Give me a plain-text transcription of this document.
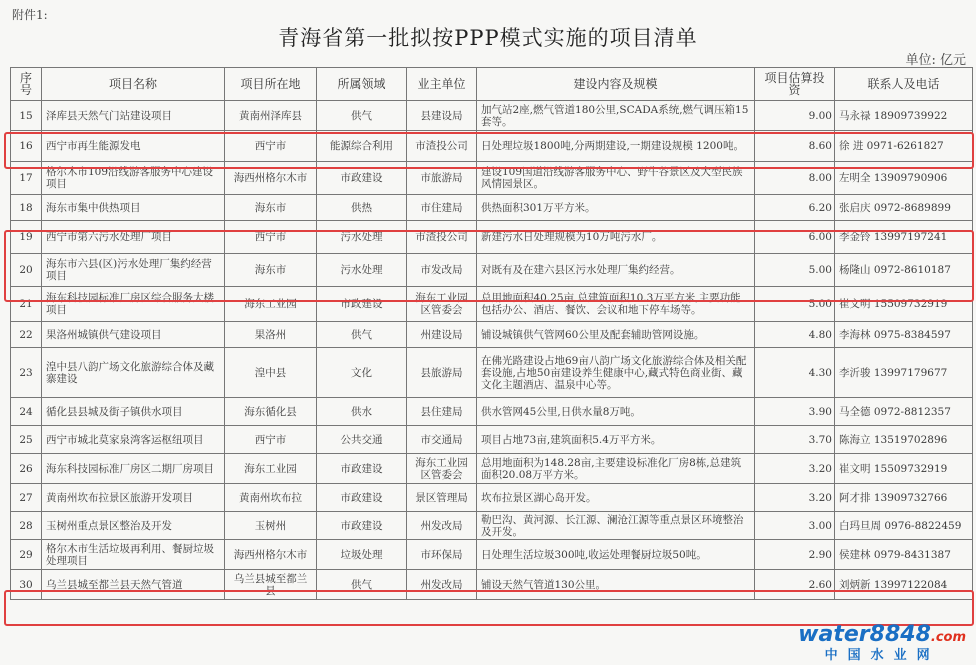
附件1:
青海省第一批拟按PPP模式实施的项目清单
单位: 亿元
序号	项目名称	项目所在地	所属领域	业主单位	建设内容及规模	项目估算投资	联系人及电话
15	泽库县天然气门站建设项目	黄南州泽库县	供气	县建设局	加气站2座,燃气管道180公里,SCADA系统,燃气调压箱15套等。	9.00	马永禄 18909739922
16	西宁市再生能源发电	西宁市	能源综合利用	市渣投公司	日处理垃圾1800吨,分两期建设,一期建设规模 1200吨。	8.60	徐 进 0971-6261827
17	格尔木市109沿线游客服务中心建设项目	海西州格尔木市	市政建设	市旅游局	建设109国道沿线游客服务中心、野牛谷景区及大型民族风情园景区。	8.00	左明全 13909790906
18	海东市集中供热项目	海东市	供热	市住建局	供热面积301万平方米。	6.20	张启庆 0972-8689899
19	西宁市第六污水处理厂项目	西宁市	污水处理	市渣投公司	新建污水日处理规模为10万吨污水厂。	6.00	李金铃 13997197241
20	海东市六县(区)污水处理厂集约经营项目	海东市	污水处理	市发改局	对既有及在建六县区污水处理厂集约经营。	5.00	杨隆山 0972-8610187
21	海东科技园标准厂房区综合服务大楼项目	海东工业园	市政建设	海东工业园区管委会	总用地面积40.25亩,总建筑面积10.3万平方米,主要功能包括办公、酒店、餐饮、会议和地下停车场等。	5.00	崔文明 15509732919
22	果洛州城镇供气建设项目	果洛州	供气	州建设局	铺设城镇供气管网60公里及配套辅助管网设施。	4.80	李海林 0975-8384597
23	湟中县八韵广场文化旅游综合体及藏寨建设	湟中县	文化	县旅游局	在佛光路建设占地69亩八韵广场文化旅游综合体及相关配套设施,占地50亩建设养生健康中心,藏式特色商业街、藏文化主题酒店、温泉中心等。	4.30	李沂骏 13997179677
24	循化县县城及街子镇供水项目	海东循化县	供水	县住建局	供水管网45公里,日供水量8万吨。	3.90	马全德 0972-8812357
25	西宁市城北莫家泉湾客运枢纽项目	西宁市	公共交通	市交通局	项目占地73亩,建筑面积5.4万平方米。	3.70	陈海立 13519702896
26	海东科技园标准厂房区二期厂房项目	海东工业园	市政建设	海东工业园区管委会	总用地面积为148.28亩,主要建设标准化厂房8栋,总建筑面积20.08万平方米。	3.20	崔文明 15509732919
27	黄南州坎布拉景区旅游开发项目	黄南州坎布拉	市政建设	景区管理局	坎布拉景区湖心岛开发。	3.20	阿才排 13909732766
28	玉树州重点景区整治及开发	玉树州	市政建设	州发改局	勒巴沟、黄河源、长江源、澜沧江源等重点景区环境整治及开发。	3.00	白玛旦周 0976-8822459
29	格尔木市生活垃圾再利用、餐厨垃圾处理项目	海西州格尔木市	垃圾处理	市环保局	日处理生活垃圾300吨,收运处理餐厨垃圾50吨。	2.90	侯建林 0979-8431387
30	乌兰县城至都兰县天然气管道	乌兰县城至都兰县	供气	州发改局	铺设天然气管道130公里。	2.60	刘炳新 13997122084
water8848.com
中国水业网
